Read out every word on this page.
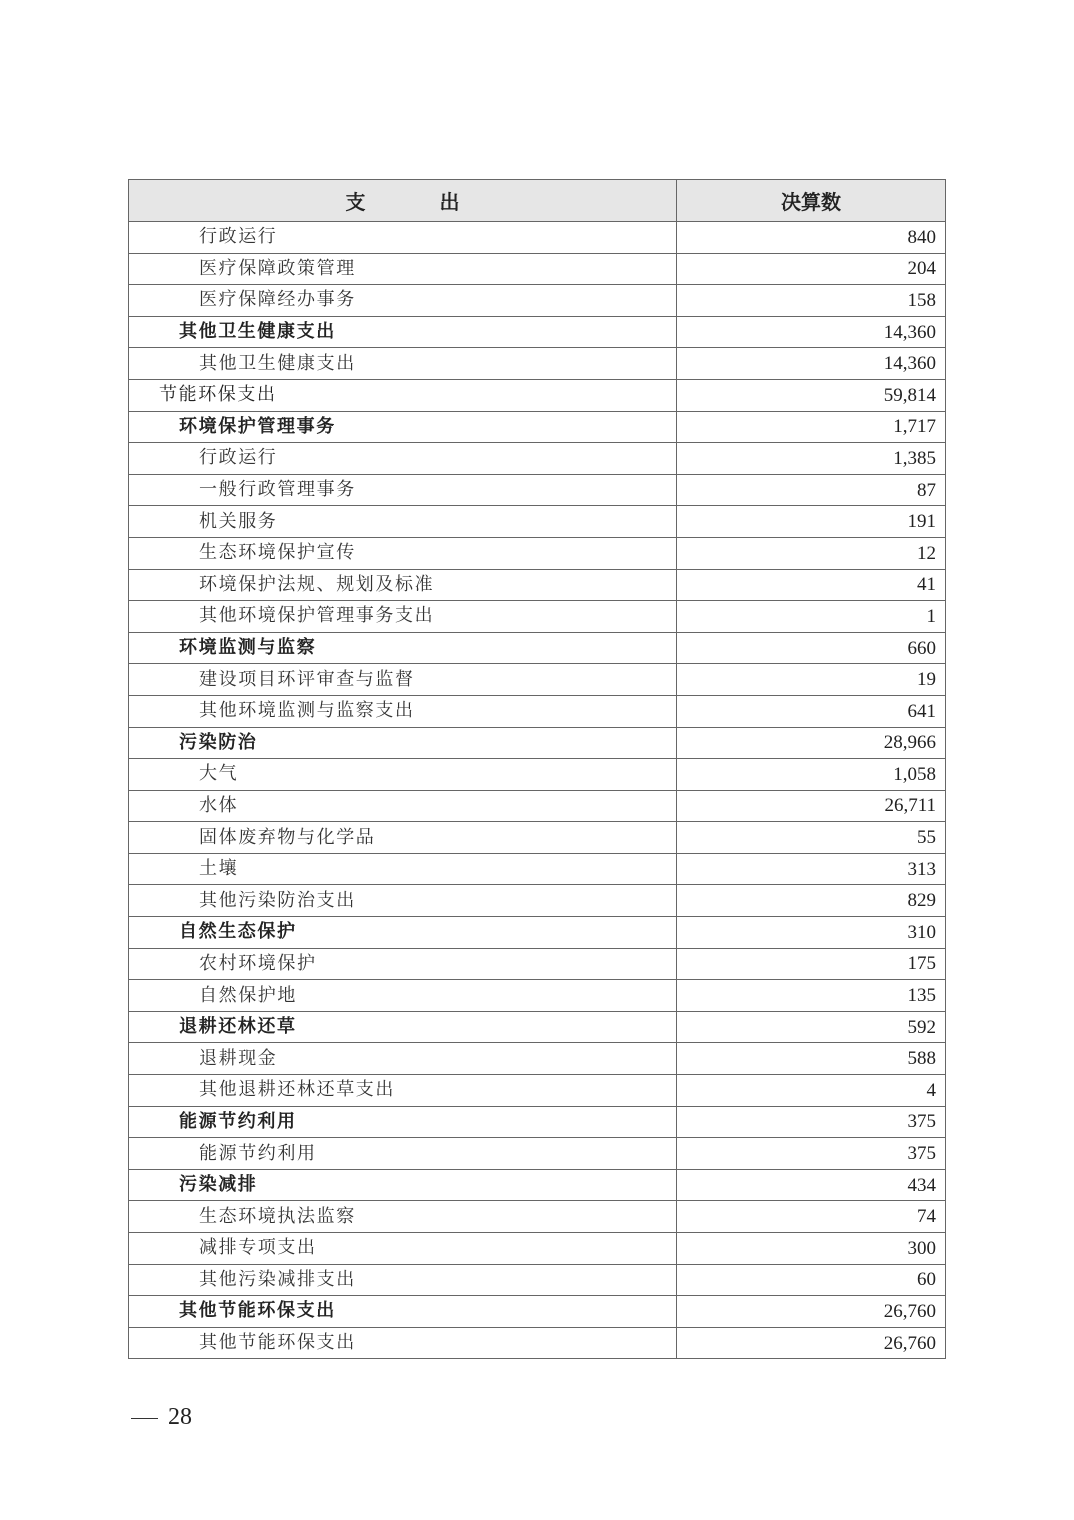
支 出	决算数
行政运行	840
医疗保障政策管理	204
医疗保障经办事务	158
其他卫生健康支出	14,360
其他卫生健康支出	14,360
节能环保支出	59,814
环境保护管理事务	1,717
行政运行	1,385
一般行政管理事务	87
机关服务	191
生态环境保护宣传	12
环境保护法规、规划及标准	41
其他环境保护管理事务支出	1
环境监测与监察	660
建设项目环评审查与监督	19
其他环境监测与监察支出	641
污染防治	28,966
大气	1,058
水体	26,711
固体废弃物与化学品	55
土壤	313
其他污染防治支出	829
自然生态保护	310
农村环境保护	175
自然保护地	135
退耕还林还草	592
退耕现金	588
其他退耕还林还草支出	4
能源节约利用	375
能源节约利用	375
污染减排	434
生态环境执法监察	74
减排专项支出	300
其他污染减排支出	60
其他节能环保支出	26,760
其他节能环保支出	26,760
28
